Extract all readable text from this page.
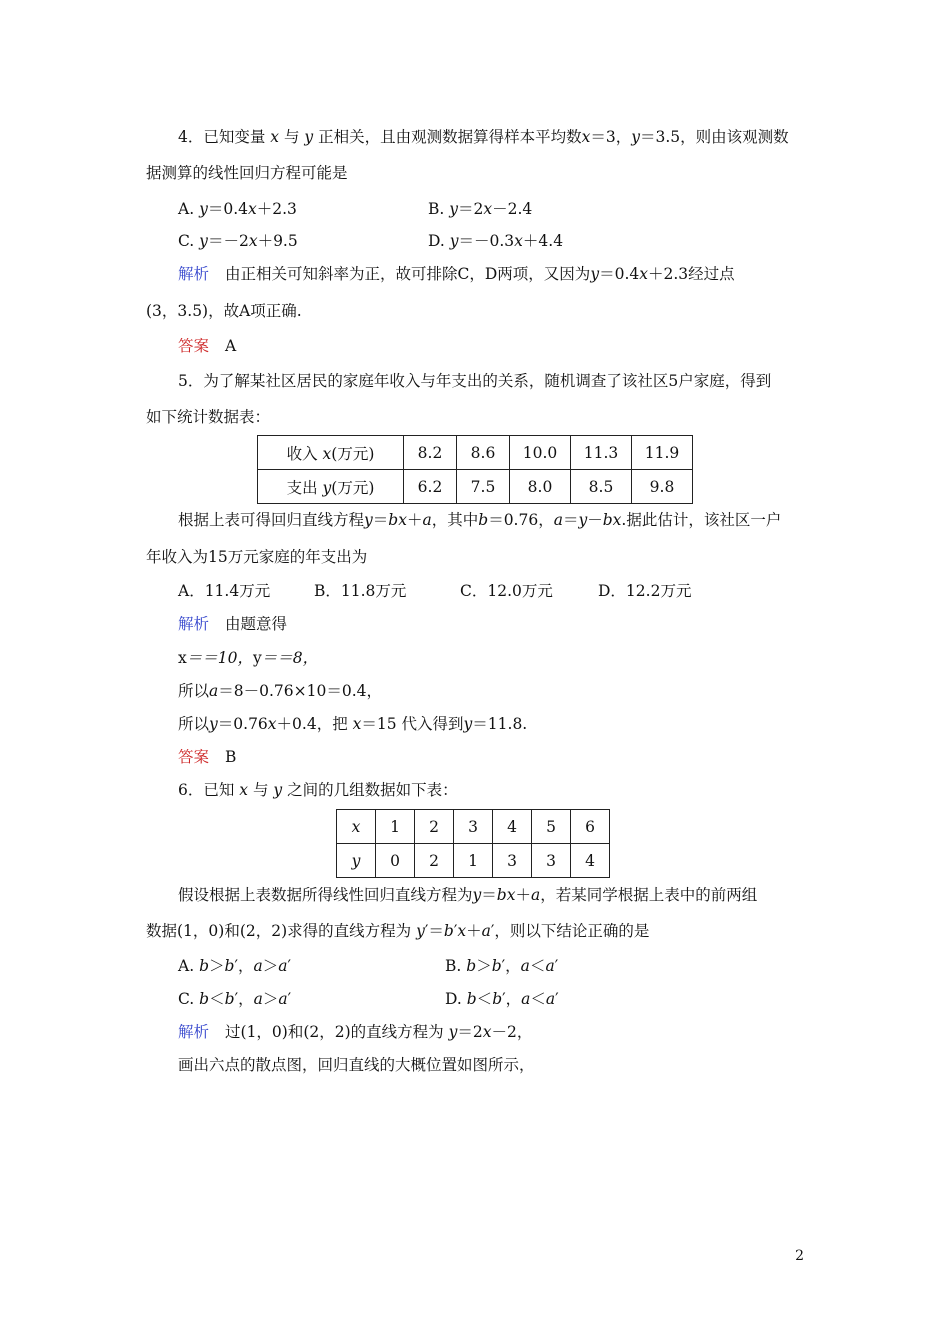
4．已知变量 x 与 y 正相关，且由观测数据算得样本平均数x＝3，y＝3.5，则由该观测数
据测算的线性回归方程可能是
A. y＝0.4x＋2.3	B. y＝2x－2.4
C. y＝－2x＋9.5	D. y＝－0.3x＋4.4
解析 由正相关可知斜率为正，故可排除C，D两项，又因为y＝0.4x＋2.3经过点
(3，3.5)，故A项正确.
答案 A
5．为了解某社区居民的家庭年收入与年支出的关系，随机调查了该社区5户家庭，得到
如下统计数据表：
收入 x(万元)	8.2	8.6	10.0	11.3	11.9
支出 y(万元)	6.2	7.5	8.0	8.5	9.8
根据上表可得回归直线方程y＝bx＋a，其中b＝0.76，a＝y－bx.据此估计，该社区一户
年收入为15万元家庭的年支出为
A．11.4万元	B．11.8万元	C．12.0万元	D．12.2万元
解析 由题意得
x＝＝10，y＝＝8，
所以a＝8－0.76×10＝0.4，
所以y＝0.76x＋0.4，把 x＝15 代入得到y＝11.8.
答案 B
6．已知 x 与 y 之间的几组数据如下表：
x	1	2	3	4	5	6
y	0	2	1	3	3	4
假设根据上表数据所得线性回归直线方程为y＝bx＋a，若某同学根据上表中的前两组
数据(1，0)和(2，2)求得的直线方程为 y′＝b′x＋a′，则以下结论正确的是
A. b＞b′，a＞a′	B. b＞b′，a＜a′
C. b＜b′，a＞a′	D. b＜b′，a＜a′
解析 过(1，0)和(2，2)的直线方程为 y＝2x－2，
画出六点的散点图，回归直线的大概位置如图所示，
2
